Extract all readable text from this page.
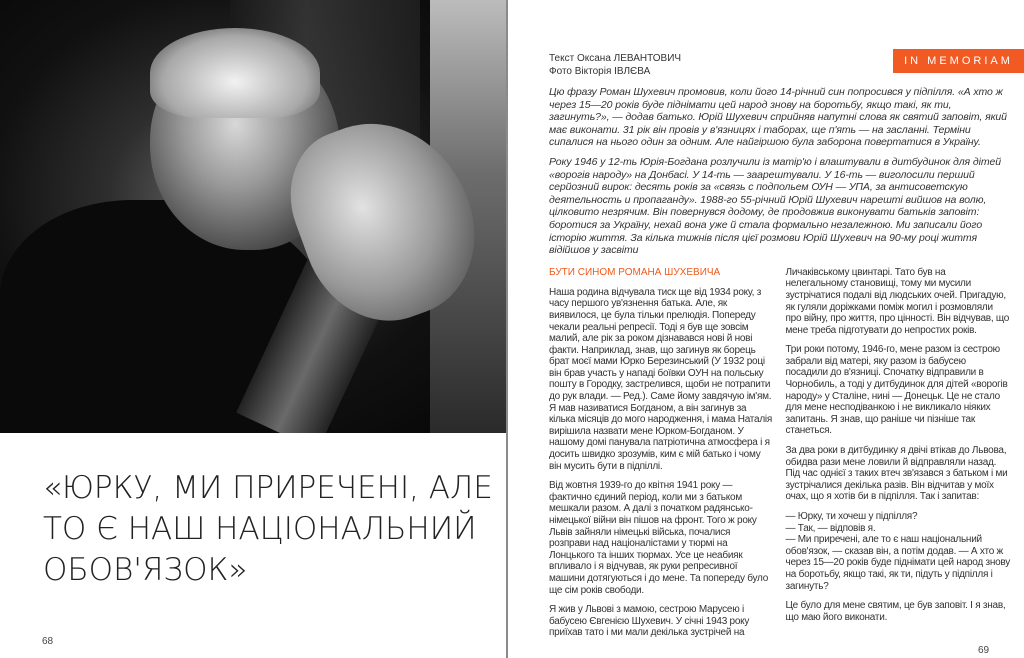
«ЮРКУ, МИ ПРИРЕЧЕНІ, АЛЕ
ТО Є НАШ НАЦІОНАЛЬНИЙ
ОБОВ'ЯЗОК»
68
Текст Оксана ЛЕВАНТОВИЧ
Фото Вікторія ІВЛЄВА
IN MEMORIAM

Цю фразу Роман Шухевич промовив, коли його 14-річний син попросився у підпілля. «А хто ж через 15—20 років буде піднімати цей народ знову на боротьбу, якщо такі, як ти, загинуть?», — додав батько. Юрій Шухевич сприйняв напутні слова як святий заповіт, який має виконати. 31 рік він провів у в'язницях і таборах, ще п'ять — на засланні. Терміни сипалися на нього один за одним. Але найгіршою була заборона повертатися в Україну.

Року 1946 у 12-ть Юрія-Богдана розлучили із матір'ю і влаштували в дитбудинок для дітей «ворогів народу» на Донбасі. У 14-ть — заарештували. У 16-ть — виголосили перший серйозний вирок: десять років за «связь с подпольем ОУН — УПА, за антисоветскую деятельность и пропаганду». 1988-го 55-річний Юрій Шухевич нарешті вийшов на волю, цілковито незрячим. Він повернувся додому, де продовжив виконувати батьків заповіт: боротися за Україну, нехай вона уже й стала формально незалежною. Ми записали його історію життя. За кілька тижнів після цієї розмови Юрій Шухевич на 90-му році життя відійшов у засвіти

БУТИ СИНОМ РОМАНА ШУХЕВИЧА

Наша родина відчувала тиск ще від 1934 року, з часу першого ув'язнення батька. Але, як виявилося, це була тільки прелюдія. Попереду чекали реальні репресії. Тоді я був ще зовсім малий, але рік за роком дізнавався нові й нові факти. Наприклад, знав, що загинув як борець брат моєї мами Юрко Березинський (У 1932 році він брав участь у нападі боївки ОУН на польську пошту в Городку, застрелився, щоби не потрапити до рук влади. — Ред.). Саме йому завдячую ім'ям. Я мав називатися Богданом, а він загинув за кілька місяців до мого народження, і мама Наталія вирішила назвати мене Юрком-Богданом. У нашому домі панувала патріотична атмосфера і я досить швидко зрозумів, ким є мій батько і чому він мусить бути в підпіллі.

Від жовтня 1939-го до квітня 1941 року — фактично єдиний період, коли ми з батьком мешкали разом. А далі з початком радянсько-німецької війни він пішов на фронт. Того ж року Львів зайняли німецькі війська, почалися розправи над націоналістами у тюрмі на Лонцького та інших тюрмах. Усе це неабияк впливало і я відчував, як руки репресивної машини дотягуються і до мене. Та попереду було ще сім років свободи.

Я жив у Львові з мамою, сестрою Марусею і бабусею Євгенією Шухевич. У січні 1943 року приїхав тато і ми мали декілька зустрічей на

Личаківському цвинтарі. Тато був на нелегальному становищі, тому ми мусили зустрічатися подалі від людських очей. Пригадую, як гуляли доріжками поміж могил і розмовляли про війну, про життя, про цінності. Він відчував, що мене треба підготувати до непростих років.

Три роки потому, 1946-го, мене разом із сестрою забрали від матері, яку разом із бабусею посадили до в'язниці. Спочатку відправили в Чорнобиль, а тоді у дитбудинок для дітей «ворогів народу» у Сталіне, нині — Донецьк. Це не стало для мене несподіванкою і не викликало ніяких запитань. Я знав, що раніше чи пізніше так станеться.

За два роки в дитбудинку я двічі втікав до Львова, обидва рази мене ловили й відправляли назад. Під час однієї з таких втеч зв'язався з батьком і ми зустрічалися декілька разів. Він відчитав у моїх очах, що я хотів би в підпілля. Так і запитав:

— Юрку, ти хочеш у підпілля?
— Так, — відповів я.
— Ми приречені, але то є наш національний обов'язок, — сказав він, а потім додав. — А хто ж через 15—20 років буде піднімати цей народ знову на боротьбу, якщо такі, як ти, підуть у підпілля і загинуть?

Це було для мене святим, це був заповіт. І я знав, що маю його виконати.

69
